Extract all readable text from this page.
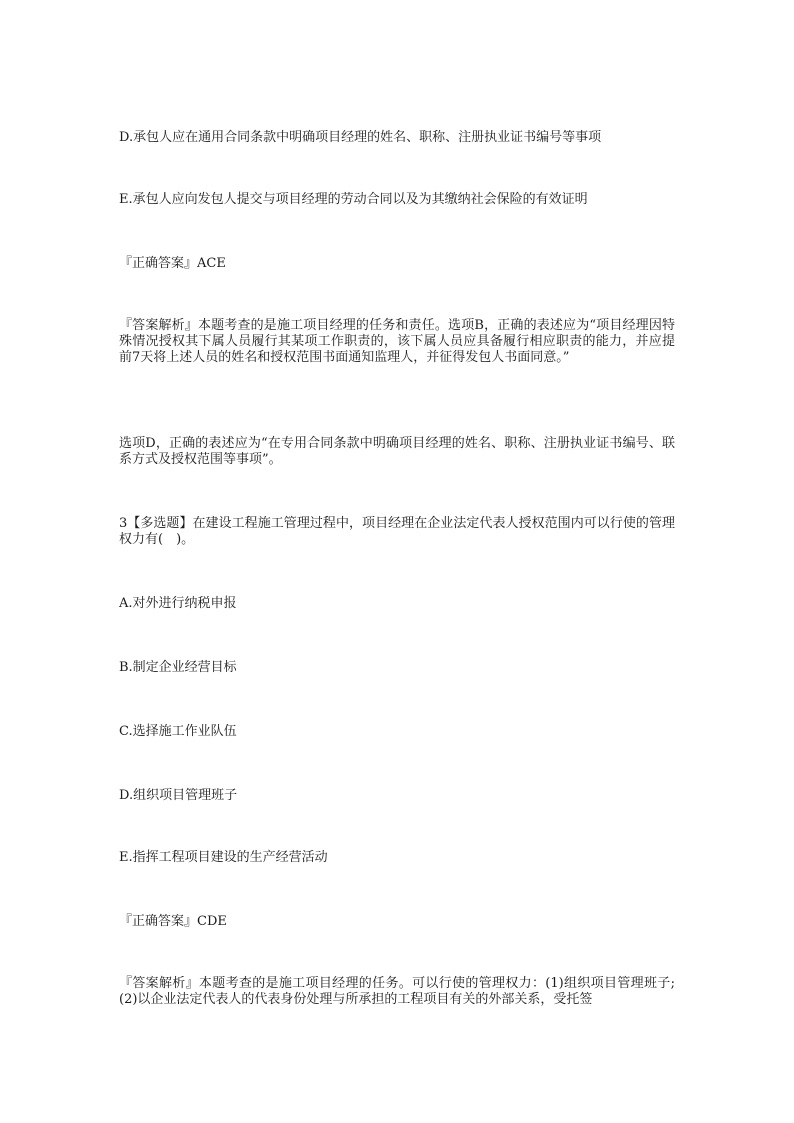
D.承包人应在通用合同条款中明确项目经理的姓名、职称、注册执业证书编号等事项

E.承包人应向发包人提交与项目经理的劳动合同以及为其缴纳社会保险的有效证明

『正确答案』ACE

『答案解析』本题考查的是施工项目经理的任务和责任。选项B，正确的表述应为“项目经理因特殊情况授权其下属人员履行其某项工作职责的，该下属人员应具备履行相应职责的能力，并应提前7天将上述人员的姓名和授权范围书面通知监理人，并征得发包人书面同意。”

选项D，正确的表述应为“在专用合同条款中明确项目经理的姓名、职称、注册执业证书编号、联系方式及授权范围等事项”。

3【多选题】在建设工程施工管理过程中，项目经理在企业法定代表人授权范围内可以行使的管理权力有(　)。

A.对外进行纳税申报

B.制定企业经营目标

C.选择施工作业队伍

D.组织项目管理班子

E.指挥工程项目建设的生产经营活动

『正确答案』CDE

『答案解析』本题考查的是施工项目经理的任务。可以行使的管理权力：(1)组织项目管理班子;(2)以企业法定代表人的代表身份处理与所承担的工程项目有关的外部关系，受托签
